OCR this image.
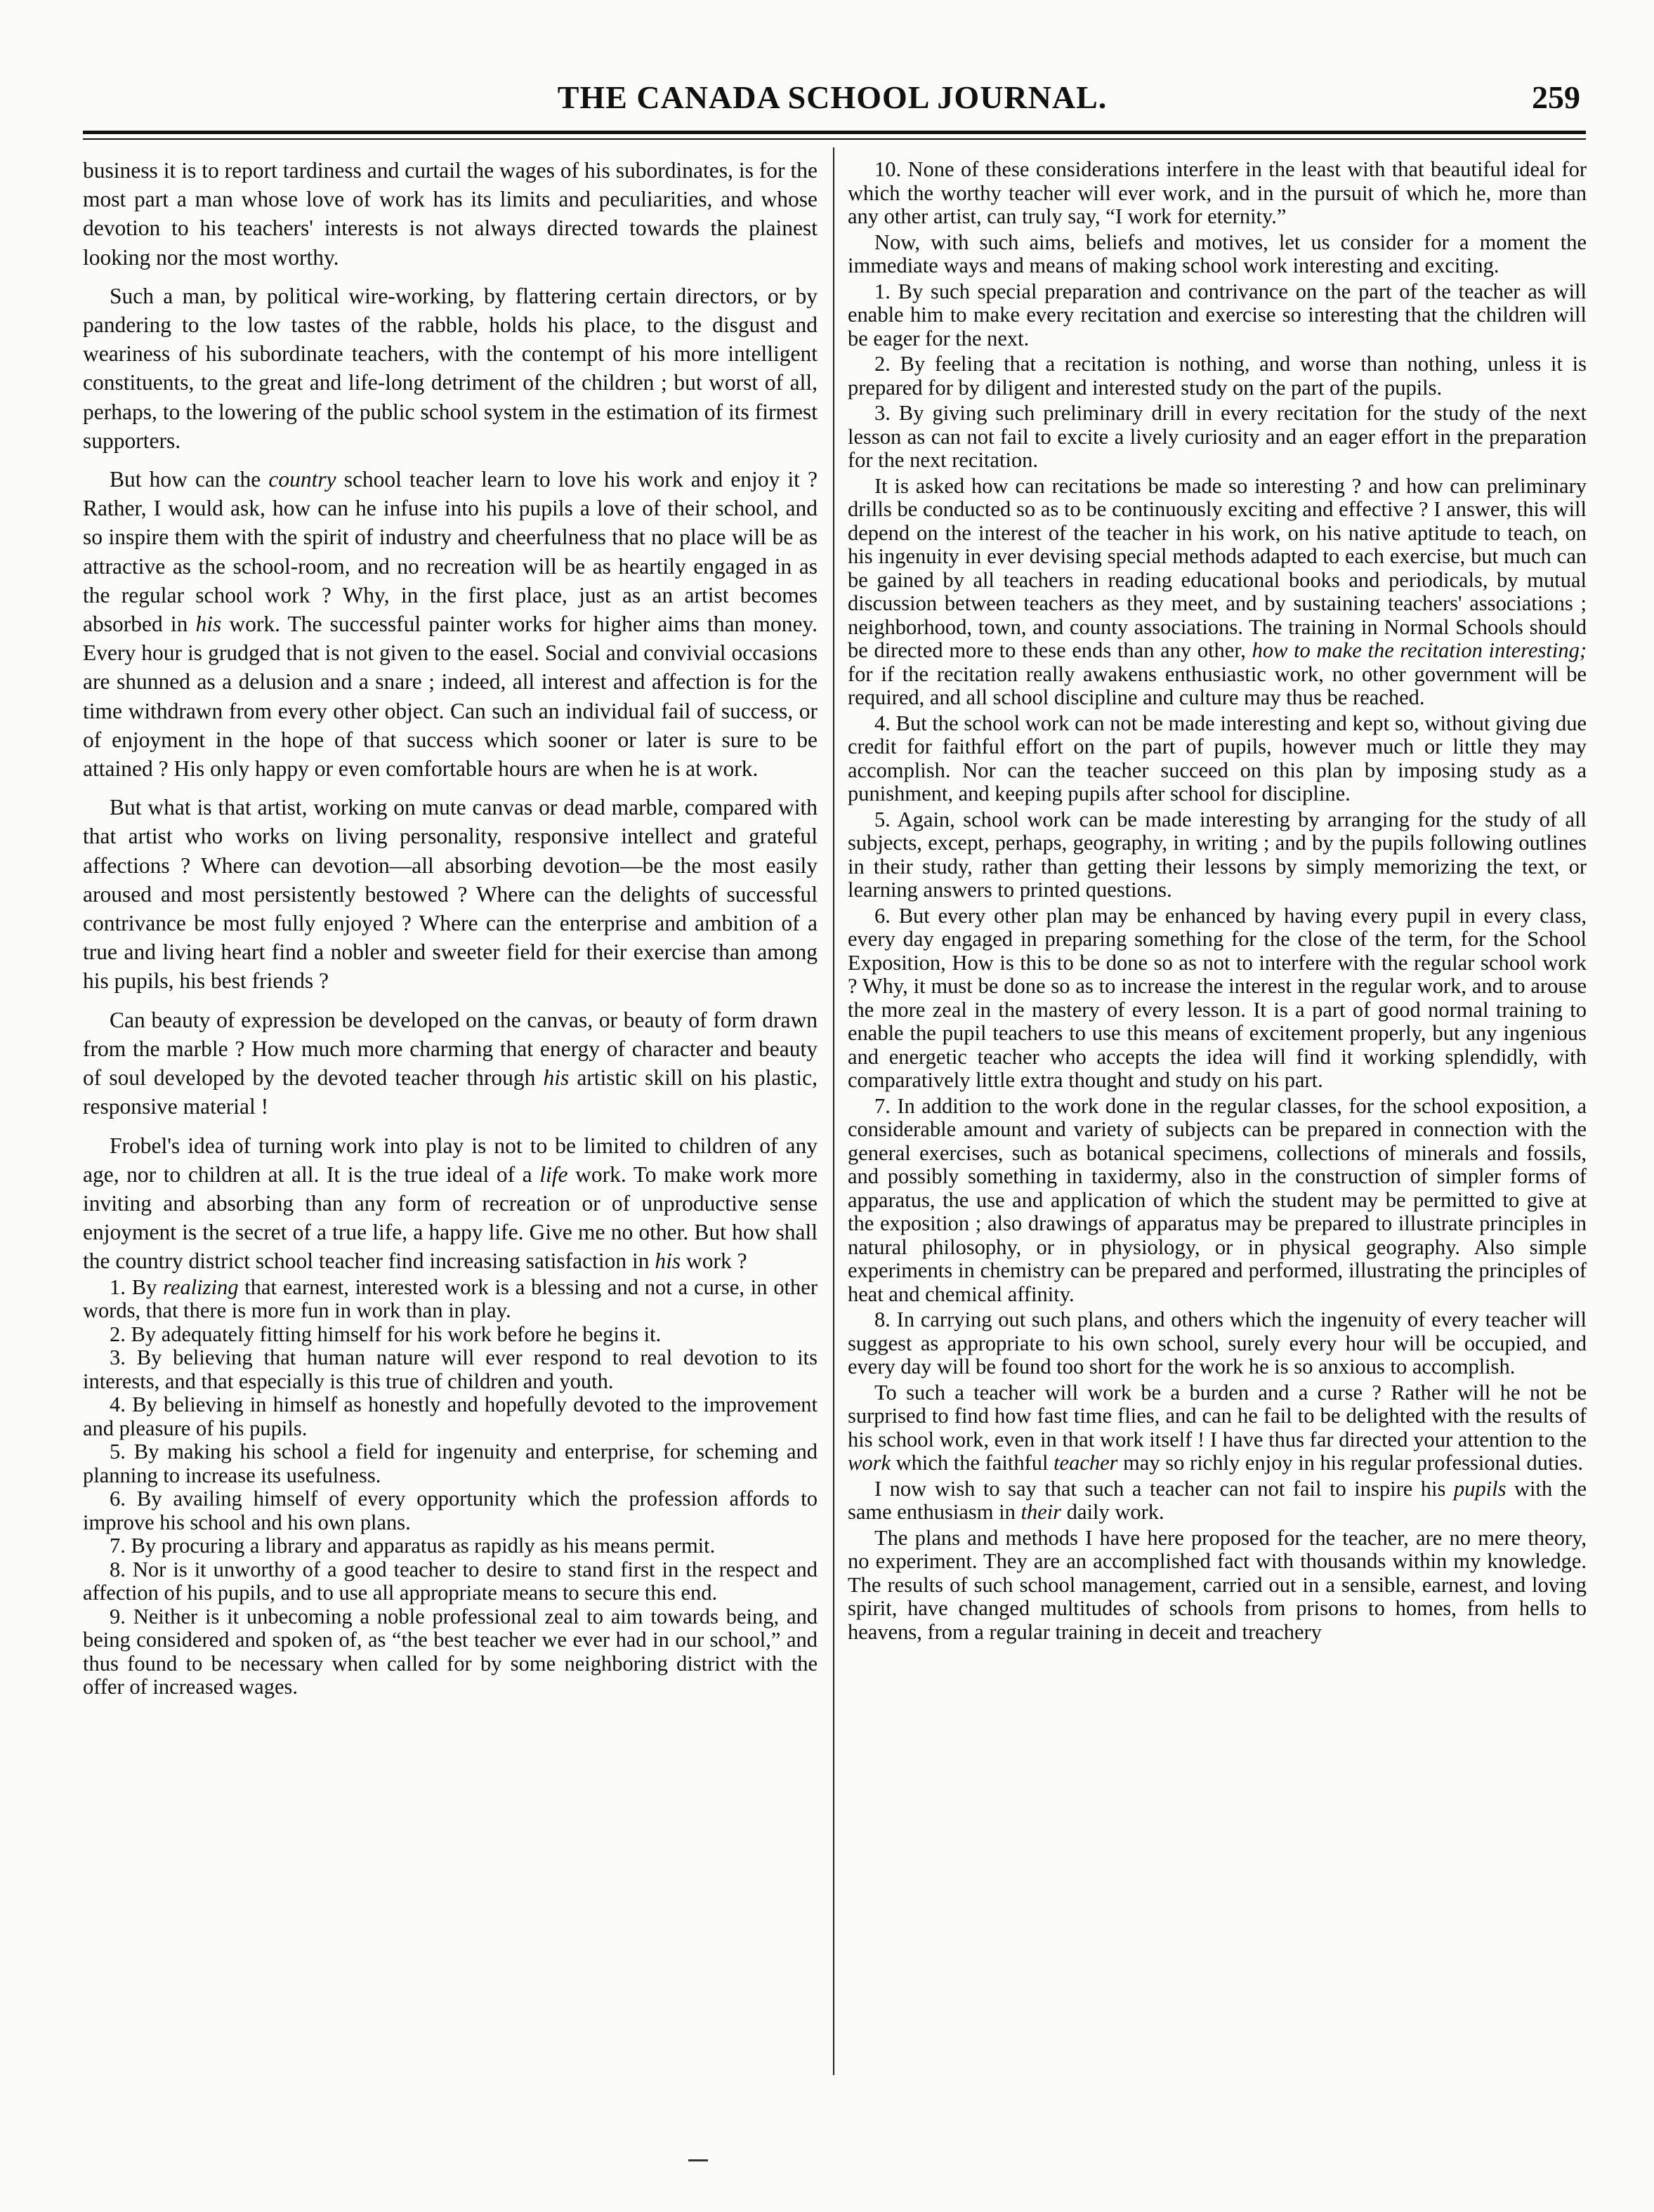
THE CANADA SCHOOL JOURNAL.	259

business it is to report tardiness and curtail the wages of his subordinates, is for the most part a man whose love of work has its limits and peculiarities, and whose devotion to his teachers' interests is not always directed towards the plainest looking nor the most worthy.

Such a man, by political wire-working, by flattering certain directors, or by pandering to the low tastes of the rabble, holds his place, to the disgust and weariness of his subordinate teachers, with the contempt of his more intelligent constituents, to the great and life-long detriment of the children ; but worst of all, perhaps, to the lowering of the public school system in the estimation of its firmest supporters.

But how can the country school teacher learn to love his work and enjoy it ? Rather, I would ask, how can he infuse into his pupils a love of their school, and so inspire them with the spirit of industry and cheerfulness that no place will be as attractive as the school-room, and no recreation will be as heartily engaged in as the regular school work ? Why, in the first place, just as an artist becomes absorbed in his work. The successful painter works for higher aims than money. Every hour is grudged that is not given to the easel. Social and convivial occasions are shunned as a delusion and a snare ; indeed, all interest and affection is for the time withdrawn from every other object. Can such an individual fail of success, or of enjoyment in the hope of that success which sooner or later is sure to be attained ? His only happy or even comfortable hours are when he is at work.

But what is that artist, working on mute canvas or dead marble, compared with that artist who works on living personality, responsive intellect and grateful affections ? Where can devotion—all absorbing devotion—be the most easily aroused and most persistently bestowed ? Where can the delights of successful contrivance be most fully enjoyed ? Where can the enterprise and ambition of a true and living heart find a nobler and sweeter field for their exercise than among his pupils, his best friends ?

Can beauty of expression be developed on the canvas, or beauty of form drawn from the marble ? How much more charming that energy of character and beauty of soul developed by the devoted teacher through his artistic skill on his plastic, responsive material !

Frobel's idea of turning work into play is not to be limited to children of any age, nor to children at all. It is the true ideal of a life work. To make work more inviting and absorbing than any form of recreation or of unproductive sense enjoyment is the secret of a true life, a happy life. Give me no other. But how shall the country district school teacher find increasing satisfaction in his work ?

1. By realizing that earnest, interested work is a blessing and not a curse, in other words, that there is more fun in work than in play.

2. By adequately fitting himself for his work before he begins it.

3. By believing that human nature will ever respond to real devotion to its interests, and that especially is this true of children and youth.

4. By believing in himself as honestly and hopefully devoted to the improvement and pleasure of his pupils.

5. By making his school a field for ingenuity and enterprise, for scheming and planning to increase its usefulness.

6. By availing himself of every opportunity which the profession affords to improve his school and his own plans.

7. By procuring a library and apparatus as rapidly as his means permit.

8. Nor is it unworthy of a good teacher to desire to stand first in the respect and affection of his pupils, and to use all appropriate means to secure this end.

9. Neither is it unbecoming a noble professional zeal to aim towards being, and being considered and spoken of, as “the best teacher we ever had in our school,” and thus found to be necessary when called for by some neighboring district with the offer of increased wages.

10. None of these considerations interfere in the least with that beautiful ideal for which the worthy teacher will ever work, and in the pursuit of which he, more than any other artist, can truly say, “I work for eternity.”

Now, with such aims, beliefs and motives, let us consider for a moment the immediate ways and means of making school work interesting and exciting.

1. By such special preparation and contrivance on the part of the teacher as will enable him to make every recitation and exercise so interesting that the children will be eager for the next.

2. By feeling that a recitation is nothing, and worse than nothing, unless it is prepared for by diligent and interested study on the part of the pupils.

3. By giving such preliminary drill in every recitation for the study of the next lesson as can not fail to excite a lively curiosity and an eager effort in the preparation for the next recitation.

It is asked how can recitations be made so interesting ? and how can preliminary drills be conducted so as to be continuously exciting and effective ? I answer, this will depend on the interest of the teacher in his work, on his native aptitude to teach, on his ingenuity in ever devising special methods adapted to each exercise, but much can be gained by all teachers in reading educational books and periodicals, by mutual discussion between teachers as they meet, and by sustaining teachers' associations ; neighborhood, town, and county associations. The training in Normal Schools should be directed more to these ends than any other, how to make the recitation interesting; for if the recitation really awakens enthusiastic work, no other government will be required, and all school discipline and culture may thus be reached.

4. But the school work can not be made interesting and kept so, without giving due credit for faithful effort on the part of pupils, however much or little they may accomplish. Nor can the teacher succeed on this plan by imposing study as a punishment, and keeping pupils after school for discipline.

5. Again, school work can be made interesting by arranging for the study of all subjects, except, perhaps, geography, in writing ; and by the pupils following outlines in their study, rather than getting their lessons by simply memorizing the text, or learning answers to printed questions.

6. But every other plan may be enhanced by having every pupil in every class, every day engaged in preparing something for the close of the term, for the School Exposition, How is this to be done so as not to interfere with the regular school work ? Why, it must be done so as to increase the interest in the regular work, and to arouse the more zeal in the mastery of every lesson. It is a part of good normal training to enable the pupil teachers to use this means of excitement properly, but any ingenious and energetic teacher who accepts the idea will find it working splendidly, with comparatively little extra thought and study on his part.

7. In addition to the work done in the regular classes, for the school exposition, a considerable amount and variety of subjects can be prepared in connection with the general exercises, such as botanical specimens, collections of minerals and fossils, and possibly something in taxidermy, also in the construction of simpler forms of apparatus, the use and application of which the student may be permitted to give at the exposition ; also drawings of apparatus may be prepared to illustrate principles in natural philosophy, or in physiology, or in physical geography. Also simple experiments in chemistry can be prepared and performed, illustrating the principles of heat and chemical affinity.

8. In carrying out such plans, and others which the ingenuity of every teacher will suggest as appropriate to his own school, surely every hour will be occupied, and every day will be found too short for the work he is so anxious to accomplish.

To such a teacher will work be a burden and a curse ? Rather will he not be surprised to find how fast time flies, and can he fail to be delighted with the results of his school work, even in that work itself ! I have thus far directed your attention to the work which the faithful teacher may so richly enjoy in his regular professional duties.

I now wish to say that such a teacher can not fail to inspire his pupils with the same enthusiasm in their daily work.

The plans and methods I have here proposed for the teacher, are no mere theory, no experiment. They are an accomplished fact with thousands within my knowledge. The results of such school management, carried out in a sensible, earnest, and loving spirit, have changed multitudes of schools from prisons to homes, from hells to heavens, from a regular training in deceit and treachery
